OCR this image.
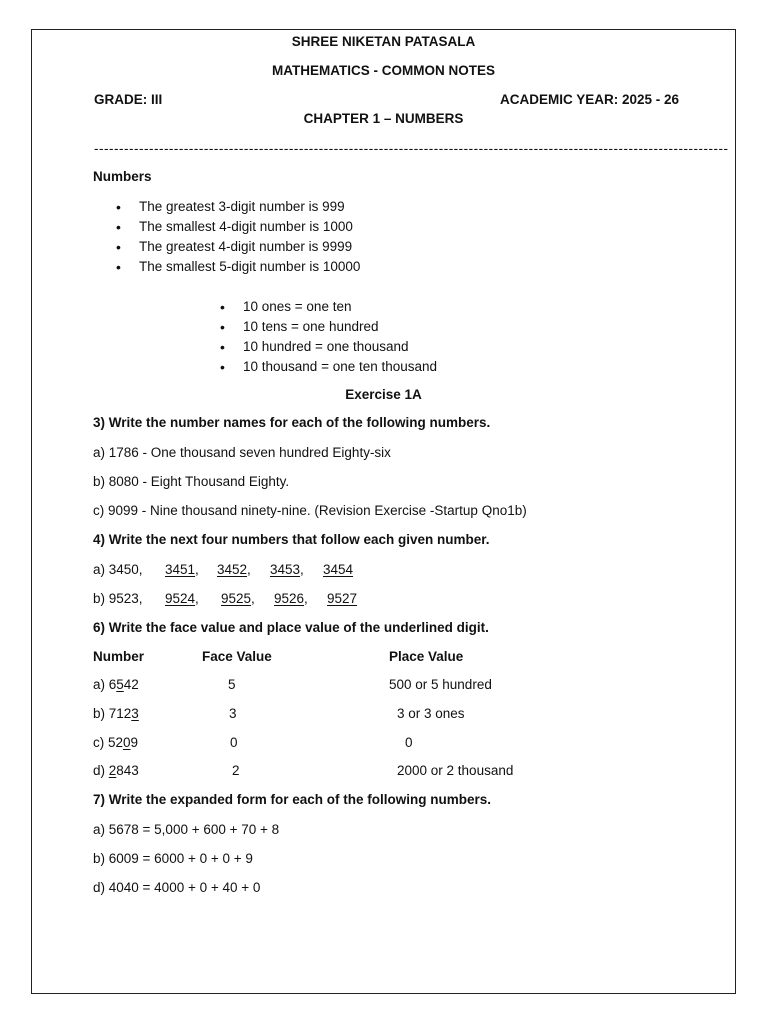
SHREE NIKETAN PATASALA
MATHEMATICS - COMMON NOTES
GRADE: III	ACADEMIC YEAR: 2025 - 26
CHAPTER 1 – NUMBERS
-------------------------------------------------------------------------------------------------------------------------------
Numbers
• The greatest 3-digit number is 999
• The smallest 4-digit number is 1000
• The greatest 4-digit number is 9999
• The smallest 5-digit number is 10000
• 10 ones = one ten
• 10 tens = one hundred
• 10 hundred = one thousand
• 10 thousand = one ten thousand
Exercise 1A
3) Write the number names for each of the following numbers.
a) 1786 - One thousand seven hundred Eighty-six
b) 8080 - Eight Thousand Eighty.
c) 9099 - Nine thousand ninety-nine. (Revision Exercise -Startup Qno1b)
4) Write the next four numbers that follow each given number.
a) 3450, 3451, 3452, 3453, 3454
b) 9523, 9524, 9525, 9526, 9527
6) Write the face value and place value of the underlined digit.
Number	Face Value	Place Value
a) 6542	5	500 or 5 hundred
b) 7123	3	3 or 3 ones
c) 5209	0	0
d) 2843	2	2000 or 2 thousand
7) Write the expanded form for each of the following numbers.
a) 5678 = 5,000 + 600 + 70 + 8
b) 6009 = 6000 + 0 + 0 + 9
d) 4040 = 4000 + 0 + 40 + 0
